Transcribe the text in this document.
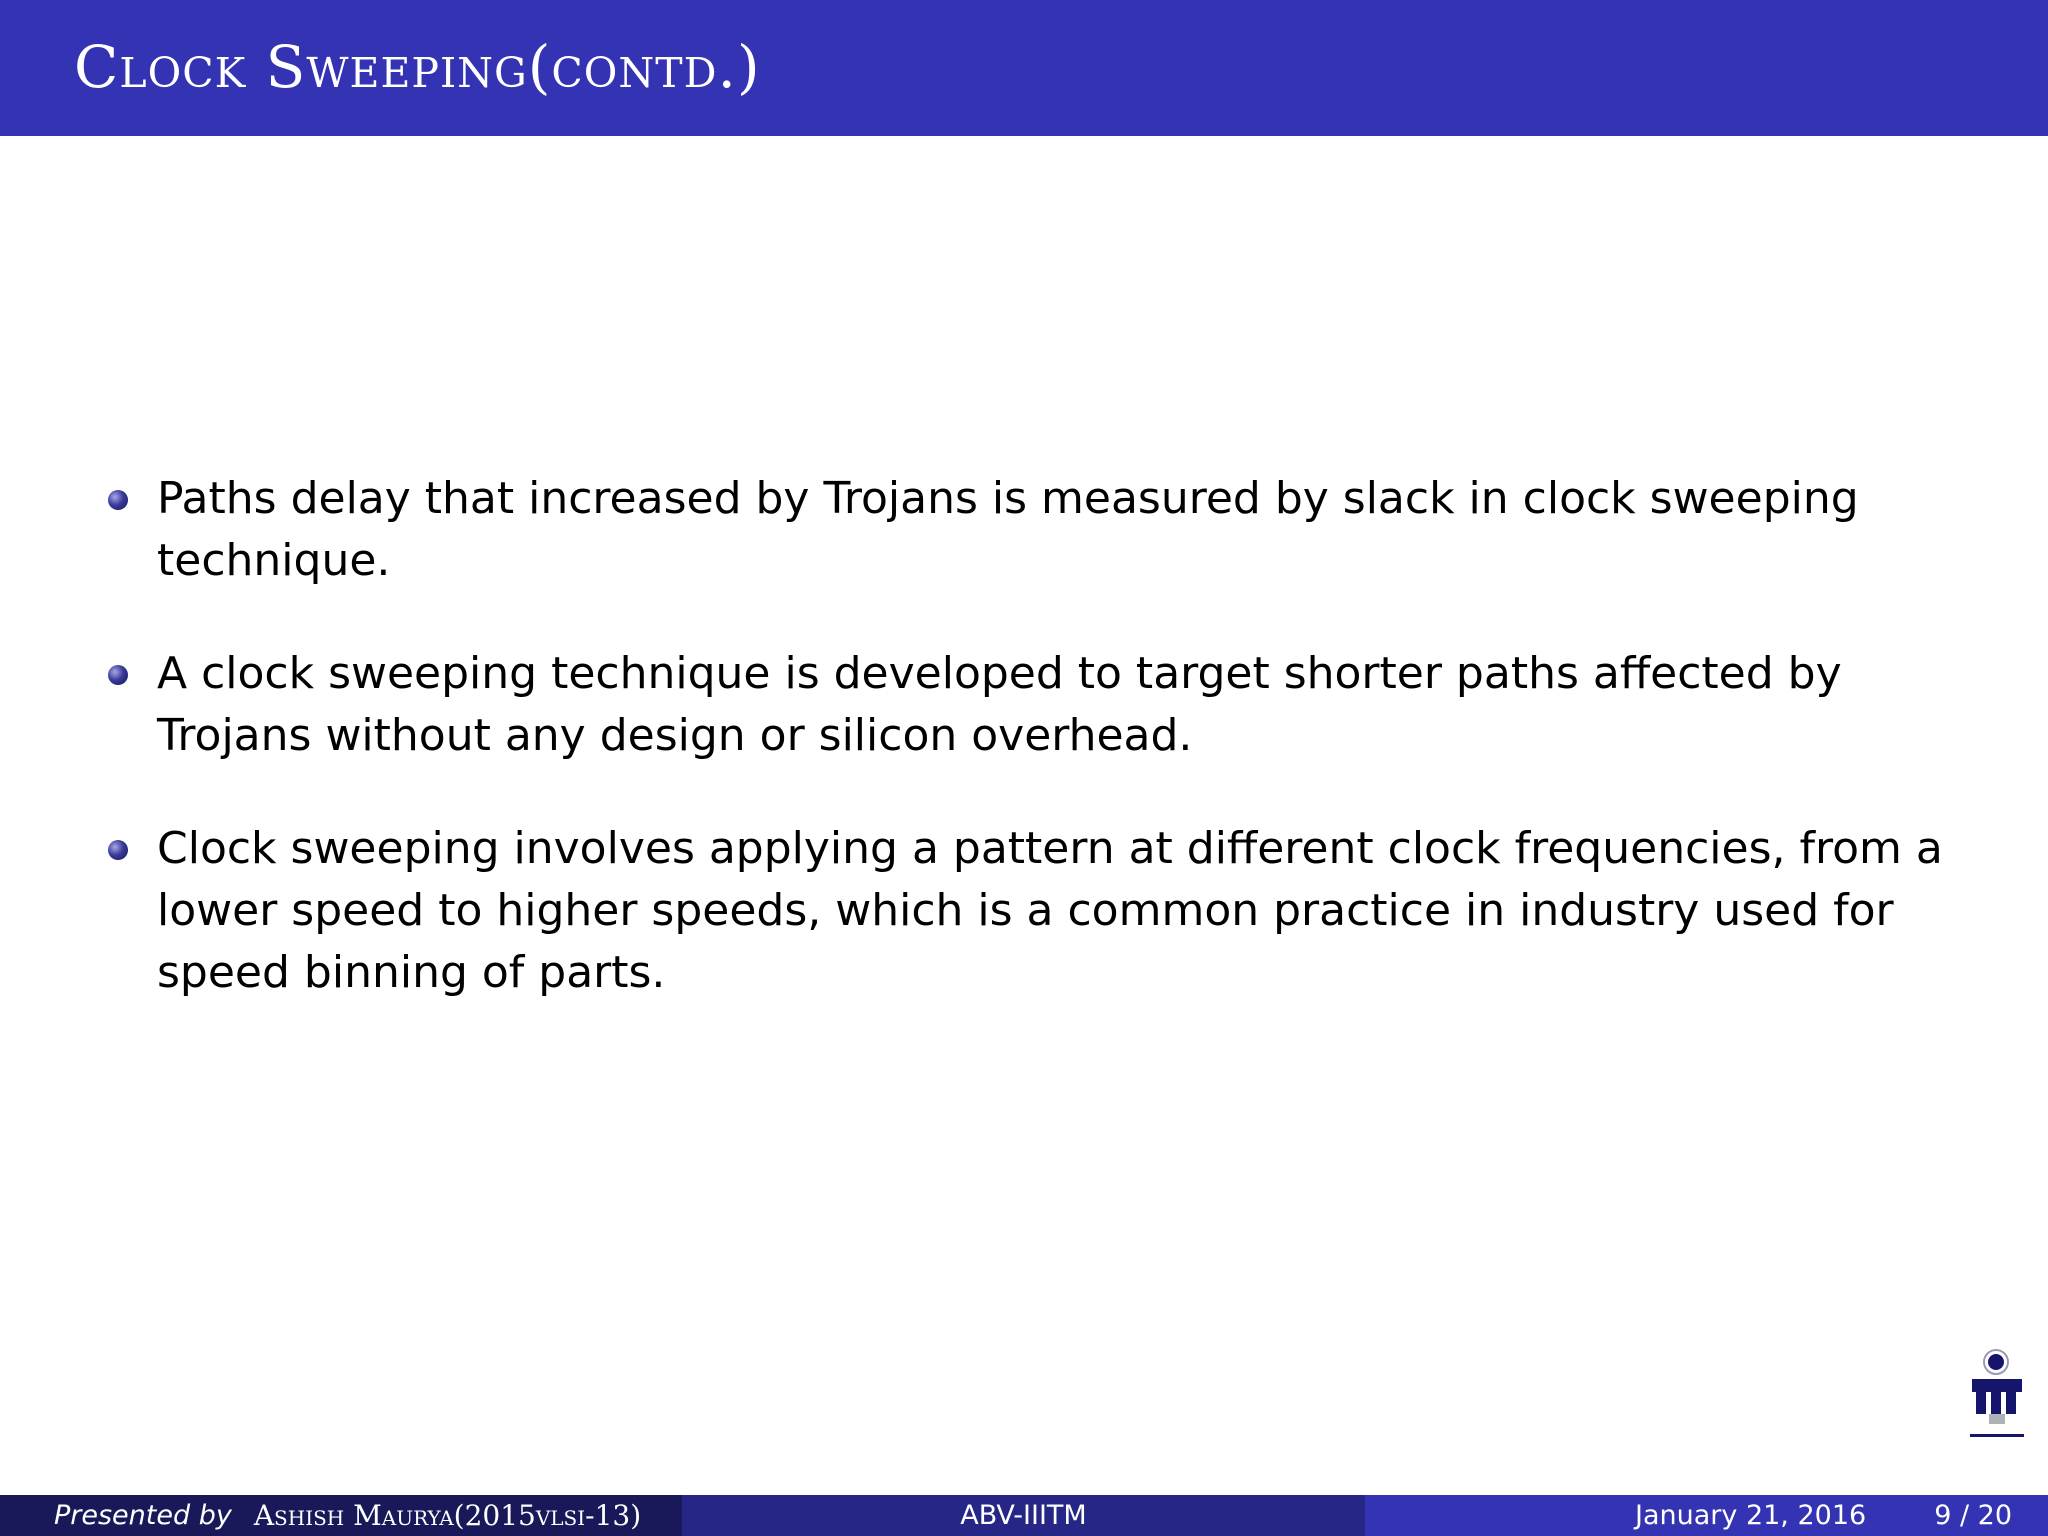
Clock Sweeping(contd.)
Paths delay that increased by Trojans is measured by slack in clock sweeping technique.
A clock sweeping technique is developed to target shorter paths affected by Trojans without any design or silicon overhead.
Clock sweeping involves applying a pattern at different clock frequencies, from a lower speed to higher speeds, which is a common practice in industry used for speed binning of parts.
Presented by Ashish Maurya(2015vlsi-13)	ABV-IIITM	January 21, 2016	9 / 20
